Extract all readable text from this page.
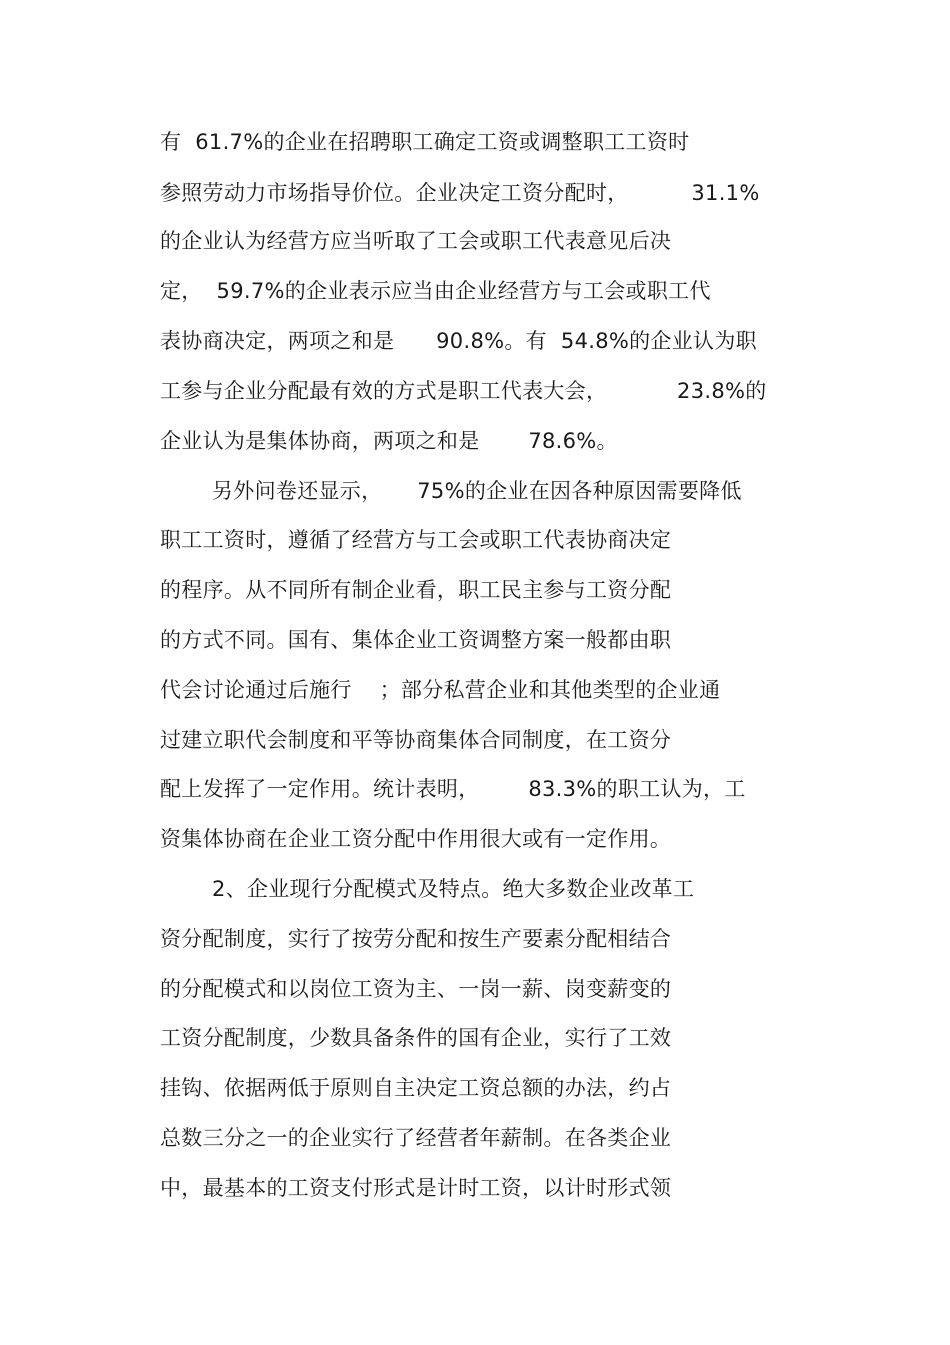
有  61.7%的企业在招聘职工确定工资或调整职工工资时
参照劳动力市场指导价位。企业决定工资分配时，         31.1%
的企业认为经营方应当听取了工会或职工代表意见后决
定，  59.7%的企业表示应当由企业经营方与工会或职工代
表协商决定，两项之和是      90.8%。有  54.8%的企业认为职
工参与企业分配最有效的方式是职工代表大会，          23.8%的
企业认为是集体协商，两项之和是       78.6%。
另外问卷还显示，     75%的企业在因各种原因需要降低
职工工资时，遵循了经营方与工会或职工代表协商决定
的程序。从不同所有制企业看，职工民主参与工资分配
的方式不同。国有、集体企业工资调整方案一般都由职
代会讨论通过后施行    ；部分私营企业和其他类型的企业通
过建立职代会制度和平等协商集体合同制度，在工资分
配上发挥了一定作用。统计表明，       83.3%的职工认为，工
资集体协商在企业工资分配中作用很大或有一定作用。
2、企业现行分配模式及特点。绝大多数企业改革工
资分配制度，实行了按劳分配和按生产要素分配相结合
的分配模式和以岗位工资为主、一岗一薪、岗变薪变的
工资分配制度，少数具备条件的国有企业，实行了工效
挂钩、依据两低于原则自主决定工资总额的办法，约占
总数三分之一的企业实行了经营者年薪制。在各类企业
中，最基本的工资支付形式是计时工资，以计时形式领
